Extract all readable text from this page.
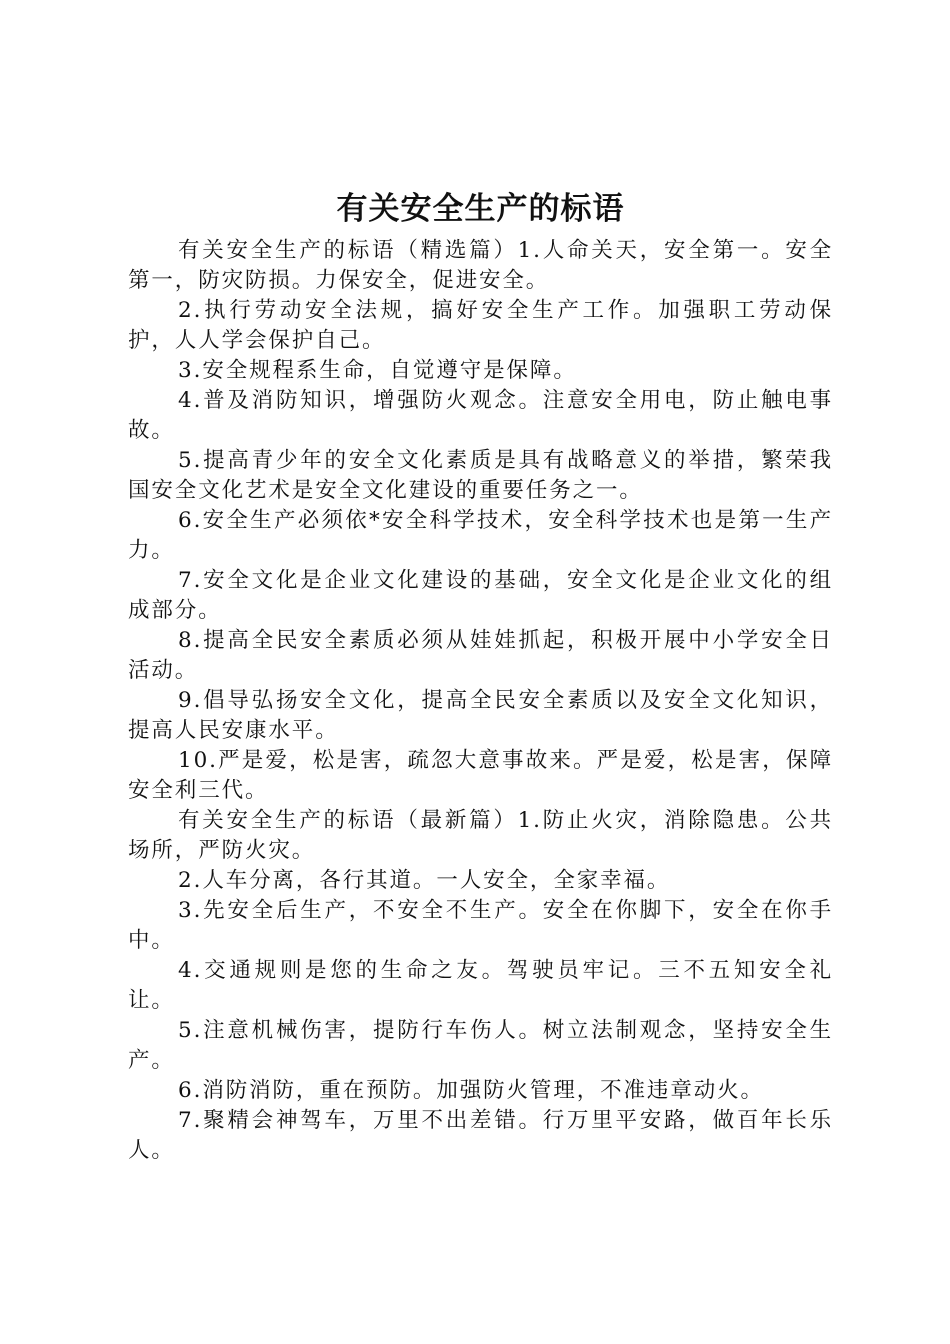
有关安全生产的标语

有关安全生产的标语（精选篇）1.人命关天，安全第一。安全第一，防灾防损。力保安全，促进安全。

2.执行劳动安全法规，搞好安全生产工作。加强职工劳动保护，人人学会保护自己。

3.安全规程系生命，自觉遵守是保障。

4.普及消防知识，增强防火观念。注意安全用电，防止触电事故。

5.提高青少年的安全文化素质是具有战略意义的举措，繁荣我国安全文化艺术是安全文化建设的重要任务之一。

6.安全生产必须依*安全科学技术，安全科学技术也是第一生产力。

7.安全文化是企业文化建设的基础，安全文化是企业文化的组成部分。

8.提高全民安全素质必须从娃娃抓起，积极开展中小学安全日活动。

9.倡导弘扬安全文化，提高全民安全素质以及安全文化知识，提高人民安康水平。

10.严是爱，松是害，疏忽大意事故来。严是爱，松是害，保障安全利三代。

有关安全生产的标语（最新篇）1.防止火灾，消除隐患。公共场所，严防火灾。

2.人车分离，各行其道。一人安全，全家幸福。

3.先安全后生产，不安全不生产。安全在你脚下，安全在你手中。

4.交通规则是您的生命之友。驾驶员牢记。三不五知安全礼让。

5.注意机械伤害，提防行车伤人。树立法制观念，坚持安全生产。

6.消防消防，重在预防。加强防火管理，不准违章动火。

7.聚精会神驾车，万里不出差错。行万里平安路，做百年长乐人。
